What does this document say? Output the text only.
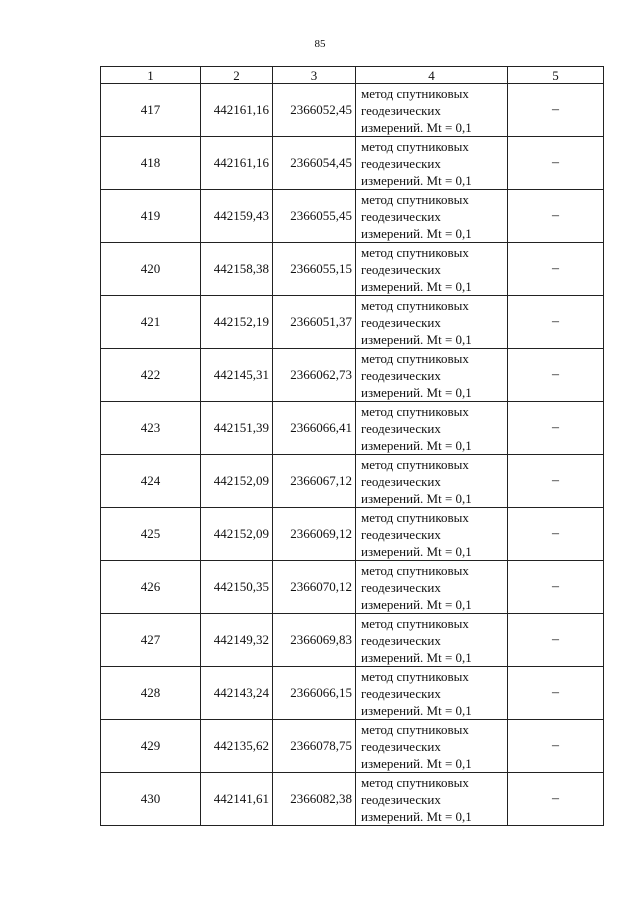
85
1	2	3	4	5
417	442161,16	2366052,45	метод спутниковых
геодезических
измерений. Mt = 0,1	–
418	442161,16	2366054,45	метод спутниковых
геодезических
измерений. Mt = 0,1	–
419	442159,43	2366055,45	метод спутниковых
геодезических
измерений. Mt = 0,1	–
420	442158,38	2366055,15	метод спутниковых
геодезических
измерений. Mt = 0,1	–
421	442152,19	2366051,37	метод спутниковых
геодезических
измерений. Mt = 0,1	–
422	442145,31	2366062,73	метод спутниковых
геодезических
измерений. Mt = 0,1	–
423	442151,39	2366066,41	метод спутниковых
геодезических
измерений. Mt = 0,1	–
424	442152,09	2366067,12	метод спутниковых
геодезических
измерений. Mt = 0,1	–
425	442152,09	2366069,12	метод спутниковых
геодезических
измерений. Mt = 0,1	–
426	442150,35	2366070,12	метод спутниковых
геодезических
измерений. Mt = 0,1	–
427	442149,32	2366069,83	метод спутниковых
геодезических
измерений. Mt = 0,1	–
428	442143,24	2366066,15	метод спутниковых
геодезических
измерений. Mt = 0,1	–
429	442135,62	2366078,75	метод спутниковых
геодезических
измерений. Mt = 0,1	–
430	442141,61	2366082,38	метод спутниковых
геодезических
измерений. Mt = 0,1	–
